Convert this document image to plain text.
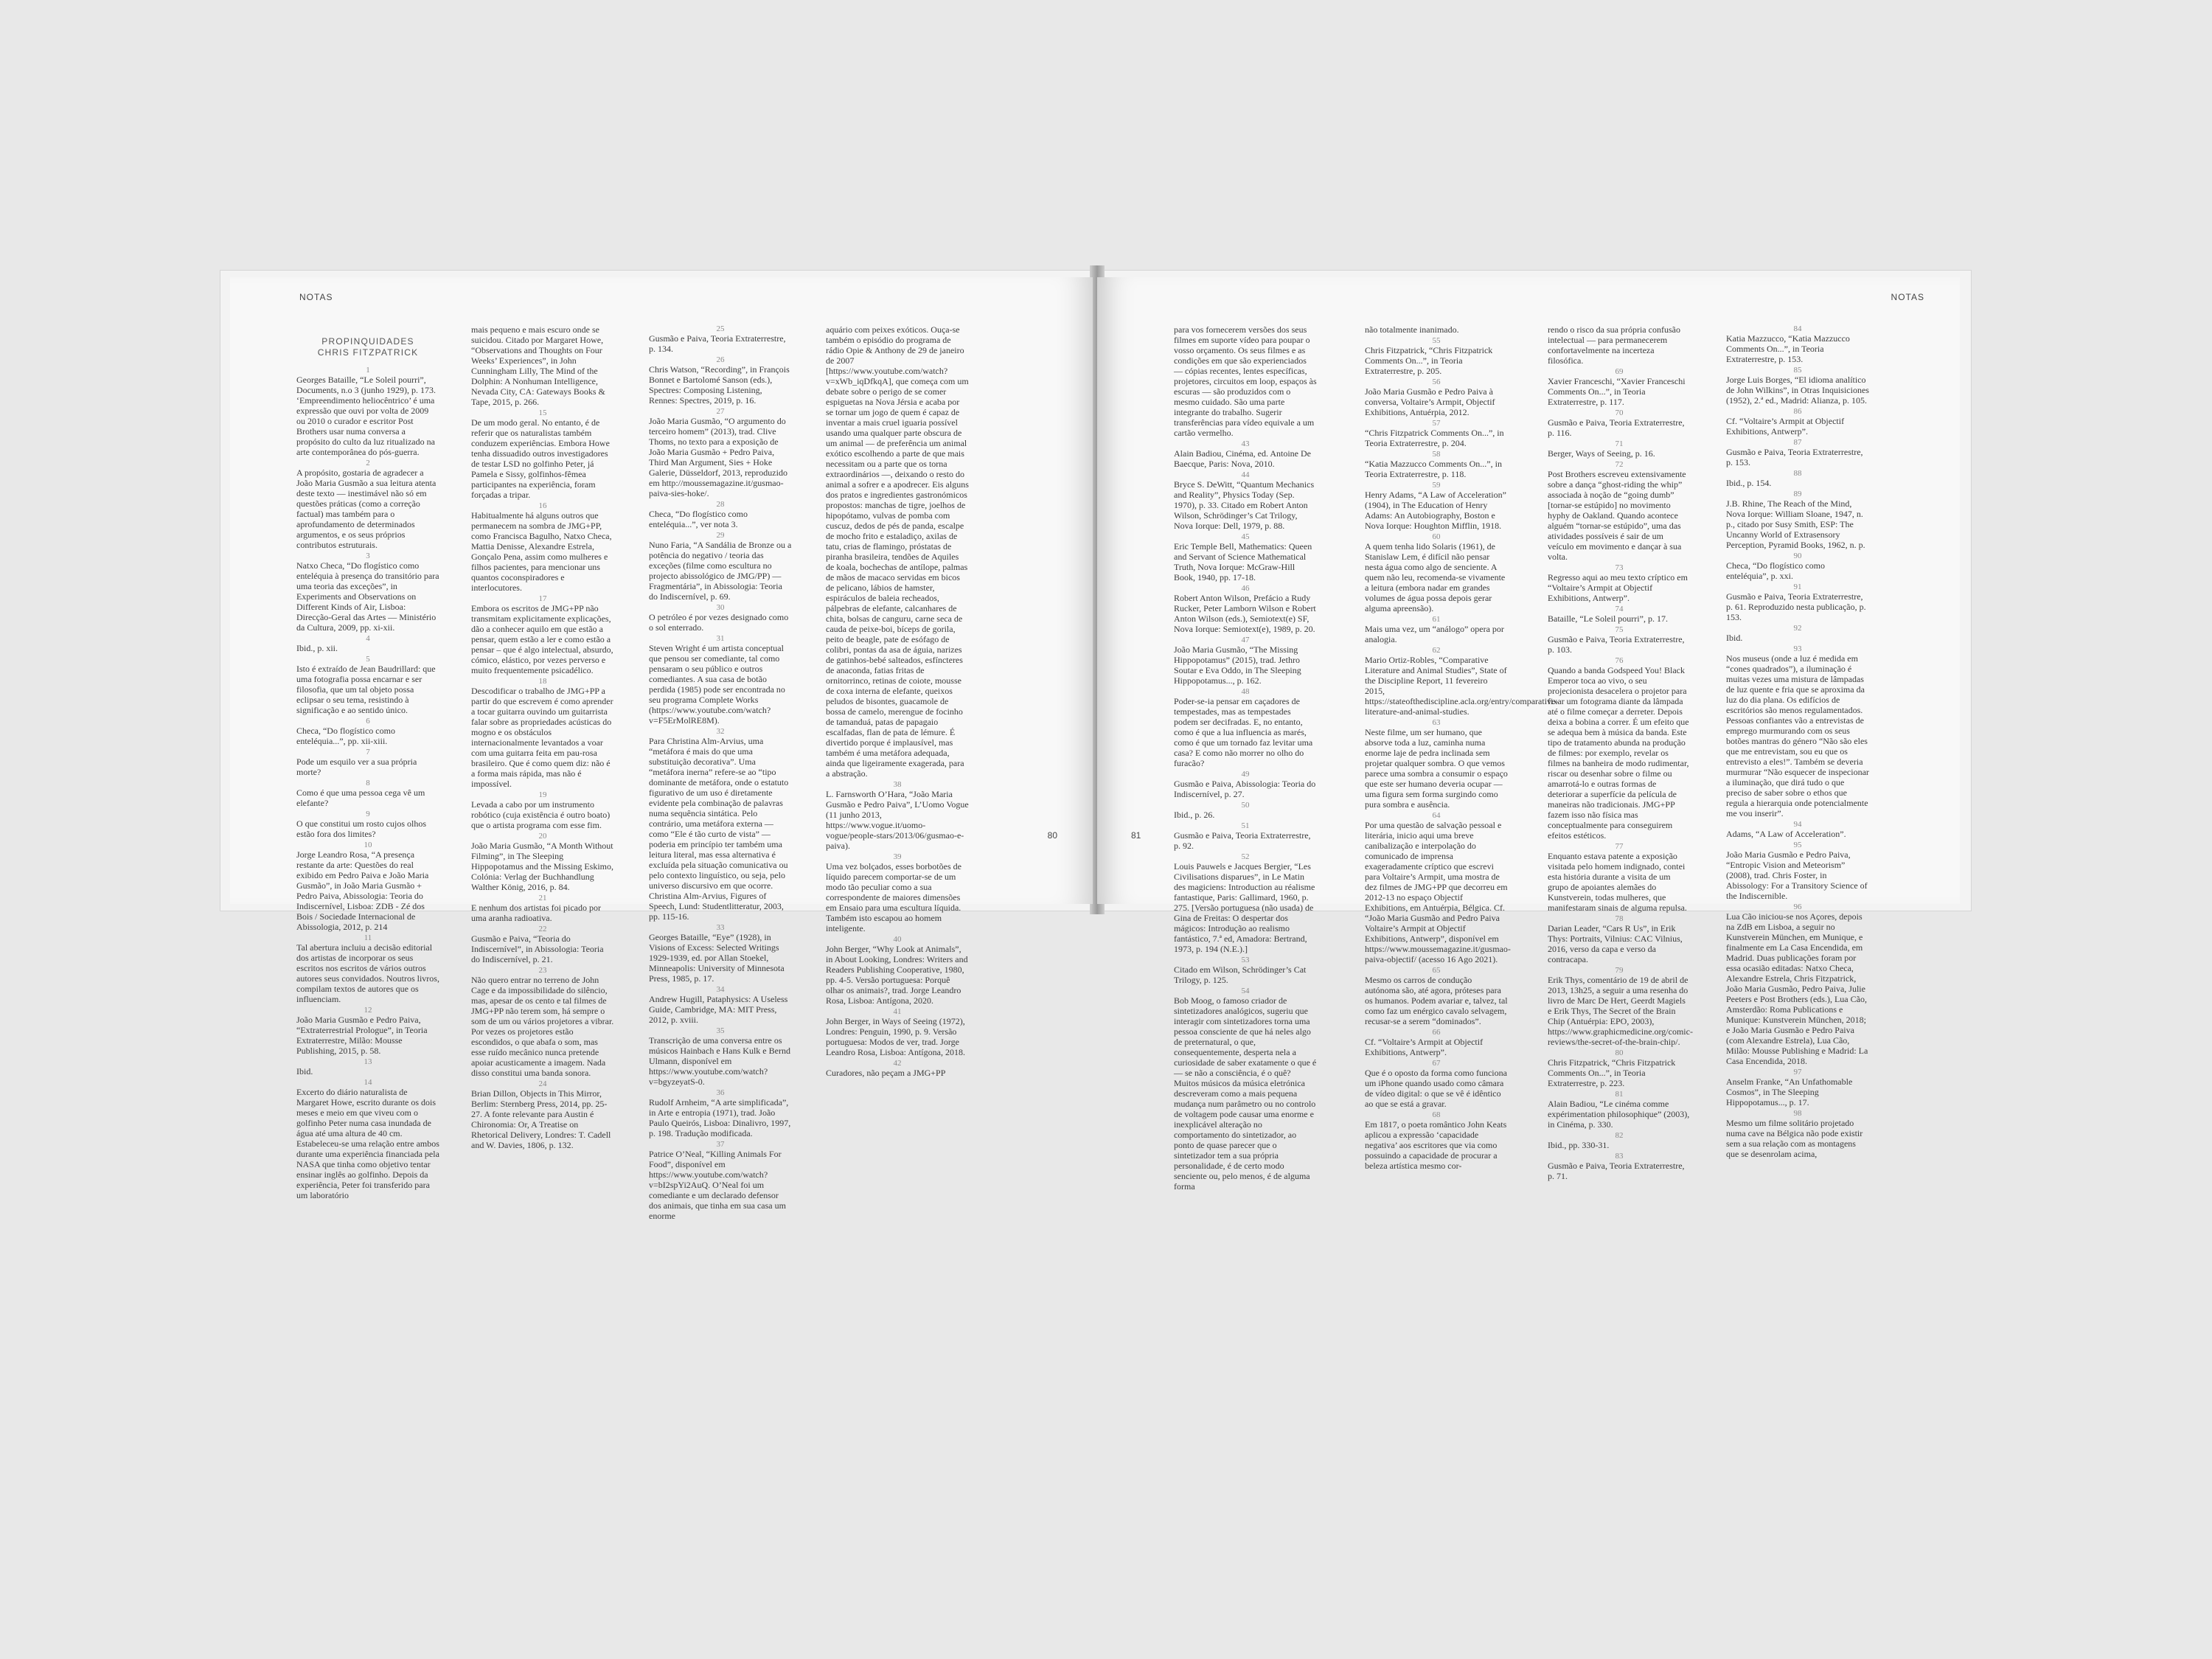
NOTAS
PROPINQUIDADES
CHRIS FITZPATRICK
1

Georges Bataille, “Le Soleil pourri”, Documents, n.o 3 (junho 1929), p. 173. ‘Empreendimento heliocêntrico’ é uma expressão que ouvi por volta de 2009 ou 2010 o curador e escritor Post Brothers usar numa conversa a propósito do culto da luz ritualizado na arte contemporânea do pós-guerra.

2

A propósito, gostaria de agradecer a João Maria Gusmão a sua leitura atenta deste texto — inestimável não só em questões práticas (como a correção factual) mas também para o aprofundamento de determinados argumentos, e os seus próprios contributos estruturais.

3

Natxo Checa, “Do flogístico como enteléquia à presença do transitório para uma teoria das exceções”, in Experiments and Observations on Different Kinds of Air, Lisboa: Direcção-Geral das Artes — Ministério da Cultura, 2009, pp. xi-xii.

4

Ibid., p. xii.

5

Isto é extraído de Jean Baudrillard: que uma fotografia possa encarnar e ser filosofia, que um tal objeto possa eclipsar o seu tema, resistindo à significação e ao sentido único.

6

Checa, “Do flogístico como enteléquia...”, pp. xii-xiii.

7

Pode um esquilo ver a sua própria morte?

8

Como é que uma pessoa cega vê um elefante?

9

O que constitui um rosto cujos olhos estão fora dos limites?

10

Jorge Leandro Rosa, “A presença restante da arte: Questões do real exibido em Pedro Paiva e João Maria Gusmão”, in João Maria Gusmão + Pedro Paiva, Abissologia: Teoria do Indiscernível, Lisboa: ZDB - Zé dos Bois / Sociedade Internacional de Abissologia, 2012, p. 214

11

Tal abertura incluiu a decisão editorial dos artistas de incorporar os seus escritos nos escritos de vários outros autores seus convidados. Noutros livros, compilam textos de autores que os influenciam.

12

João Maria Gusmão e Pedro Paiva, “Extraterrestrial Prologue”, in Teoria Extraterrestre, Milão: Mousse Publishing, 2015, p. 58.

13

Ibid.

14

Excerto do diário naturalista de Margaret Howe, escrito durante os dois meses e meio em que viveu com o golfinho Peter numa casa inundada de água até uma altura de 40 cm. Estabeleceu-se uma relação entre ambos durante uma experiência financiada pela NASA que tinha como objetivo tentar ensinar inglês ao golfinho. Depois da experiência, Peter foi transferido para um laboratório

mais pequeno e mais escuro onde se suicidou. Citado por Margaret Howe, “Observations and Thoughts on Four Weeks’ Experiences”, in John Cunningham Lilly, The Mind of the Dolphin: A Nonhuman Intelligence, Nevada City, CA: Gateways Books & Tape, 2015, p. 266.

15

De um modo geral. No entanto, é de referir que os naturalistas também conduzem experiências. Embora Howe tenha dissuadido outros investigadores de testar LSD no golfinho Peter, já Pamela e Sissy, golfinhos-fêmea participantes na experiência, foram forçadas a tripar.

16

Habitualmente há alguns outros que permanecem na sombra de JMG+PP, como Francisca Bagulho, Natxo Checa, Mattia Denisse, Alexandre Estrela, Gonçalo Pena, assim como mulheres e filhos pacientes, para mencionar uns quantos coconspiradores e interlocutores.

17

Embora os escritos de JMG+PP não transmitam explicitamente explicações, dão a conhecer aquilo em que estão a pensar, quem estão a ler e como estão a pensar – que é algo intelectual, absurdo, cómico, elástico, por vezes perverso e muito frequentemente psicadélico.

18

Descodificar o trabalho de JMG+PP a partir do que escrevem é como aprender a tocar guitarra ouvindo um guitarrista falar sobre as propriedades acústicas do mogno e os obstáculos internacionalmente levantados a voar com uma guitarra feita em pau-rosa brasileiro. Que é como quem diz: não é a forma mais rápida, mas não é impossível.

19

Levada a cabo por um instrumento robótico (cuja existência é outro boato) que o artista programa com esse fim.

20

João Maria Gusmão, “A Month Without Filming”, in The Sleeping Hippopotamus and the Missing Eskimo, Colónia: Verlag der Buchhandlung Walther König, 2016, p. 84.

21

E nenhum dos artistas foi picado por uma aranha radioativa.

22

Gusmão e Paiva, “Teoria do Indiscernível”, in Abissologia: Teoria do Indiscernível, p. 21.

23

Não quero entrar no terreno de John Cage e da impossibilidade do silêncio, mas, apesar de os cento e tal filmes de JMG+PP não terem som, há sempre o som de um ou vários projetores a vibrar. Por vezes os projetores estão escondidos, o que abafa o som, mas esse ruído mecânico nunca pretende apoiar acusticamente a imagem. Nada disso constitui uma banda sonora.

24

Brian Dillon, Objects in This Mirror, Berlim: Sternberg Press, 2014, pp. 25-27. A fonte relevante para Austin é Chironomia: Or, A Treatise on Rhetorical Delivery, Londres: T. Cadell and W. Davies, 1806, p. 132.

25

Gusmão e Paiva, Teoria Extraterrestre, p. 134.

26

Chris Watson, “Recording”, in François Bonnet e Bartolomé Sanson (eds.), Spectres: Composing Listening, Rennes: Spectres, 2019, p. 16.

27

João Maria Gusmão, “O argumento do terceiro homem” (2013), trad. Clive Thoms, no texto para a exposição de João Maria Gusmão + Pedro Paiva, Third Man Argument, Sies + Hoke Galerie, Düsseldorf, 2013, reproduzido em http://moussemagazine.it/gusmao-paiva-sies-hoke/.

28

Checa, “Do flogístico como enteléquia...”, ver nota 3.

29

Nuno Faria, “A Sandália de Bronze ou a potência do negativo / teoria das exceções (filme como escultura no projecto abissológico de JMG/PP) — Fragmentária”, in Abissologia: Teoria do Indiscernível, p. 69.

30

O petróleo é por vezes designado como o sol enterrado.

31

Steven Wright é um artista conceptual que pensou ser comediante, tal como pensaram o seu público e outros comediantes. A sua casa de botão perdida (1985) pode ser encontrada no seu programa Complete Works (https://www.youtube.com/watch?v=F5ErMolRE8M).

32

Para Christina Alm-Arvius, uma “metáfora é mais do que uma substituição decorativa”. Uma “metáfora inerna” refere-se ao “tipo dominante de metáfora, onde o estatuto figurativo de um uso é diretamente evidente pela combinação de palavras numa sequência sintática. Pelo contrário, uma metáfora externa — como “Ele é tão curto de vista” — poderia em princípio ter também uma leitura literal, mas essa alternativa é excluída pela situação comunicativa ou pelo contexto linguístico, ou seja, pelo universo discursivo em que ocorre. Christina Alm-Arvius, Figures of Speech, Lund: Studentlitteratur, 2003, pp. 115-16.

33

Georges Bataille, “Eye” (1928), in Visions of Excess: Selected Writings 1929-1939, ed. por Allan Stoekel, Minneapolis: University of Minnesota Press, 1985, p. 17.

34

Andrew Hugill, Pataphysics: A Useless Guide, Cambridge, MA: MIT Press, 2012, p. xviii.

35

Transcrição de uma conversa entre os músicos Hainbach e Hans Kulk e Bernd Ulmann, disponível em https://www.youtube.com/watch?v=bgyzeyatS-0.

36

Rudolf Arnheim, “A arte simplificada”, in Arte e entropia (1971), trad. João Paulo Queirós, Lisboa: Dinalivro, 1997, p. 198. Tradução modificada.

37

Patrice O’Neal, “Killing Animals For Food”, disponível em https://www.youtube.com/watch?v=bI2spYi2AuQ. O’Neal foi um comediante e um declarado defensor dos animais, que tinha em sua casa um enorme

aquário com peixes exóticos. Ouça-se também o episódio do programa de rádio Opie & Anthony de 29 de janeiro de 2007 [https://www.youtube.com/watch?v=xWb_iqDfkqA], que começa com um debate sobre o perigo de se comer espiguetas na Nova Jérsia e acaba por se tornar um jogo de quem é capaz de inventar a mais cruel iguaria possível usando uma qualquer parte obscura de um animal — de preferência um animal exótico escolhendo a parte de que mais necessitam ou a parte que os torna extraordinários —, deixando o resto do animal a sofrer e a apodrecer. Eis alguns dos pratos e ingredientes gastronómicos propostos: manchas de tigre, joelhos de hipopótamo, vulvas de pomba com cuscuz, dedos de pés de panda, escalpe de mocho frito e estaladiço, axilas de tatu, crias de flamingo, próstatas de piranha brasileira, tendões de Aquiles de koala, bochechas de antílope, palmas de mãos de macaco servidas em bicos de pelicano, lábios de hamster, espiráculos de baleia recheados, pálpebras de elefante, calcanhares de chita, bolsas de canguru, carne seca de cauda de peixe-boi, bíceps de gorila, peito de beagle, pate de esófago de colibri, pontas da asa de águia, narizes de gatinhos-bebé salteados, esfíncteres de anaconda, fatias fritas de ornitorrinco, retinas de coiote, mousse de coxa interna de elefante, queixos peludos de bisontes, guacamole de bossa de camelo, merengue de focinho de tamanduá, patas de papagaio escalfadas, flan de pata de lémure. É divertido porque é implausível, mas também é uma metáfora adequada, ainda que ligeiramente exagerada, para a abstração.

38

L. Farnsworth O’Hara, “João Maria Gusmão e Pedro Paiva”, L’Uomo Vogue (11 junho 2013, https://www.vogue.it/uomo-vogue/people-stars/2013/06/gusmao-e-paiva).

39

Uma vez bolçados, esses borbotões de líquido parecem comportar-se de um modo tão peculiar como a sua correspondente de maiores dimensões em Ensaio para uma escultura líquida. Também isto escapou ao homem inteligente.

40

John Berger, “Why Look at Animals”, in About Looking, Londres: Writers and Readers Publishing Cooperative, 1980, pp. 4-5. Versão portuguesa: Porquê olhar os animais?, trad. Jorge Leandro Rosa, Lisboa: Antígona, 2020.

41

John Berger, in Ways of Seeing (1972), Londres: Penguin, 1990, p. 9. Versão portuguesa: Modos de ver, trad. Jorge Leandro Rosa, Lisboa: Antígona, 2018.

42

Curadores, não peçam a JMG+PP

80
NOTAS

para vos fornecerem versões dos seus filmes em suporte vídeo para poupar o vosso orçamento. Os seus filmes e as condições em que são experienciados — cópias recentes, lentes específicas, projetores, circuitos em loop, espaços às escuras — são produzidos com o mesmo cuidado. São uma parte integrante do trabalho. Sugerir transferências para vídeo equivale a um cartão vermelho.

43

Alain Badiou, Cinéma, ed. Antoine De Baecque, Paris: Nova, 2010.

44

Bryce S. DeWitt, “Quantum Mechanics and Reality”, Physics Today (Sep. 1970), p. 33. Citado em Robert Anton Wilson, Schrödinger’s Cat Trilogy, Nova Iorque: Dell, 1979, p. 88.

45

Eric Temple Bell, Mathematics: Queen and Servant of Science Mathematical Truth, Nova Iorque: McGraw-Hill Book, 1940, pp. 17-18.

46

Robert Anton Wilson, Prefácio a Rudy Rucker, Peter Lamborn Wilson e Robert Anton Wilson (eds.), Semiotext(e) SF, Nova Iorque: Semiotext(e), 1989, p. 20.

47

João Maria Gusmão, “The Missing Hippopotamus” (2015), trad. Jethro Soutar e Eva Oddo, in The Sleeping Hippopotamus..., p. 162.

48

Poder-se-ia pensar em caçadores de tempestades, mas as tempestades podem ser decifradas. E, no entanto, como é que a lua influencia as marés, como é que um tornado faz levitar uma casa? E como não morrer no olho do furacão?

49

Gusmão e Paiva, Abissologia: Teoria do Indiscernível, p. 27.

50

Ibid., p. 26.

51

Gusmão e Paiva, Teoria Extraterrestre, p. 92.

52

Louis Pauwels e Jacques Bergier, “Les Civilisations disparues”, in Le Matin des magiciens: Introduction au réalisme fantastique, Paris: Gallimard, 1960, p. 275. [Versão portuguesa (não usada) de Gina de Freitas: O despertar dos mágicos: Introdução ao realismo fantástico, 7.ª ed, Amadora: Bertrand, 1973, p. 194 (N.E.).]

53

Citado em Wilson, Schrödinger’s Cat Trilogy, p. 125.

54

Bob Moog, o famoso criador de sintetizadores analógicos, sugeriu que interagir com sintetizadores torna uma pessoa consciente de que há neles algo de preternatural, o que, consequentemente, desperta nela a curiosidade de saber exatamente o que é — se não a consciência, é o quê? Muitos músicos da música eletrónica descreveram como a mais pequena mudança num parâmetro ou no controlo de voltagem pode causar uma enorme e inexplicável alteração no comportamento do sintetizador, ao ponto de quase parecer que o sintetizador tem a sua própria personalidade, é de certo modo senciente ou, pelo menos, é de alguma forma

não totalmente inanimado.

55

Chris Fitzpatrick, “Chris Fitzpatrick Comments On...”, in Teoria Extraterrestre, p. 205.

56

João Maria Gusmão e Pedro Paiva à conversa, Voltaire’s Armpit, Objectif Exhibitions, Antuérpia, 2012.

57

“Chris Fitzpatrick Comments On...”, in Teoria Extraterrestre, p. 204.

58

“Katia Mazzucco Comments On...”, in Teoria Extraterrestre, p. 118.

59

Henry Adams, “A Law of Acceleration” (1904), in The Education of Henry Adams: An Autobiography, Boston e Nova Iorque: Houghton Mifflin, 1918.

60

A quem tenha lido Solaris (1961), de Stanislaw Lem, é difícil não pensar nesta água como algo de senciente. A quem não leu, recomenda-se vivamente a leitura (embora nadar em grandes volumes de água possa depois gerar alguma apreensão).

61

Mais uma vez, um “análogo” opera por analogia.

62

Mario Ortiz-Robles, “Comparative Literature and Animal Studies”, State of the Discipline Report, 11 fevereiro 2015, https://stateofthediscipline.acla.org/entry/comparative-literature-and-animal-studies.

63

Neste filme, um ser humano, que absorve toda a luz, caminha numa enorme laje de pedra inclinada sem projetar qualquer sombra. O que vemos parece uma sombra a consumir o espaço que este ser humano deveria ocupar — uma figura sem forma surgindo como pura sombra e ausência.

64

Por uma questão de salvação pessoal e literária, inicio aqui uma breve canibalização e interpolação do comunicado de imprensa exageradamente críptico que escrevi para Voltaire’s Armpit, uma mostra de dez filmes de JMG+PP que decorreu em 2012-13 no espaço Objectif Exhibitions, em Antuérpia, Bélgica. Cf. “João Maria Gusmão and Pedro Paiva Voltaire’s Armpit at Objectif Exhibitions, Antwerp”, disponível em https://www.moussemagazine.it/gusmao-paiva-objectif/ (acesso 16 Ago 2021).

65

Mesmo os carros de condução autónoma são, até agora, próteses para os humanos. Podem avariar e, talvez, tal como faz um enérgico cavalo selvagem, recusar-se a serem “dominados”.

66

Cf. “Voltaire’s Armpit at Objectif Exhibitions, Antwerp”.

67

Que é o oposto da forma como funciona um iPhone quando usado como câmara de vídeo digital: o que se vê é idêntico ao que se está a gravar.

68

Em 1817, o poeta romântico John Keats aplicou a expressão ‘capacidade negativa’ aos escritores que via como possuindo a capacidade de procurar a beleza artística mesmo cor-

rendo o risco da sua própria confusão intelectual — para permanecerem confortavelmente na incerteza filosófica.

69

Xavier Franceschi, “Xavier Franceschi Comments On...”, in Teoria Extraterrestre, p. 117.

70

Gusmão e Paiva, Teoria Extraterrestre, p. 116.

71

Berger, Ways of Seeing, p. 16.

72

Post Brothers escreveu extensivamente sobre a dança “ghost-riding the whip” associada à noção de “going dumb” [tornar-se estúpido] no movimento hyphy de Oakland. Quando acontece alguém “tornar-se estúpido”, uma das atividades possíveis é sair de um veículo em movimento e dançar à sua volta.

73

Regresso aqui ao meu texto críptico em “Voltaire’s Armpit at Objectif Exhibitions, Antwerp”.

74

Bataille, “Le Soleil pourri”, p. 17.

75

Gusmão e Paiva, Teoria Extraterrestre, p. 103.

76

Quando a banda Godspeed You! Black Emperor toca ao vivo, o seu projecionista desacelera o projetor para fixar um fotograma diante da lâmpada até o filme começar a derreter. Depois deixa a bobina a correr. É um efeito que se adequa bem à música da banda. Este tipo de tratamento abunda na produção de filmes: por exemplo, revelar os filmes na banheira de modo rudimentar, riscar ou desenhar sobre o filme ou amarrotá-lo e outras formas de deteriorar a superfície da película de maneiras não tradicionais. JMG+PP fazem isso não física mas conceptualmente para conseguirem efeitos estéticos.

77

Enquanto estava patente a exposição visitada pelo homem indignado, contei esta história durante a visita de um grupo de apoiantes alemães do Kunstverein, todas mulheres, que manifestaram sinais de alguma repulsa.

78

Darian Leader, “Cars R Us”, in Erik Thys: Portraits, Vilnius: CAC Vilnius, 2016, verso da capa e verso da contracapa.

79

Erik Thys, comentário de 19 de abril de 2013, 13h25, a seguir a uma resenha do livro de Marc De Hert, Geerdt Magiels e Erik Thys, The Secret of the Brain Chip (Antuérpia: EPO, 2003), https://www.graphicmedicine.org/comic-reviews/the-secret-of-the-brain-chip/.

80

Chris Fitzpatrick, “Chris Fitzpatrick Comments On...”, in Teoria Extraterrestre, p. 223.

81

Alain Badiou, “Le cinéma comme expérimentation philosophique” (2003), in Cinéma, p. 330.

82

Ibid., pp. 330-31.

83

Gusmão e Paiva, Teoria Extraterrestre, p. 71.

84

Katia Mazzucco, “Katia Mazzucco Comments On...”, in Teoria Extraterrestre, p. 153.

85

Jorge Luis Borges, “El idioma analítico de John Wilkins”, in Otras Inquisiciones (1952), 2.ª ed., Madrid: Alianza, p. 105.

86

Cf. “Voltaire’s Armpit at Objectif Exhibitions, Antwerp”.

87

Gusmão e Paiva, Teoria Extraterrestre, p. 153.

88

Ibid., p. 154.

89

J.B. Rhine, The Reach of the Mind, Nova Iorque: William Sloane, 1947, n. p., citado por Susy Smith, ESP: The Uncanny World of Extrasensory Perception, Pyramid Books, 1962, n. p.

90

Checa, “Do flogístico como enteléquia”, p. xxi.

91

Gusmão e Paiva, Teoria Extraterrestre, p. 61. Reproduzido nesta publicação, p. 153.

92

Ibid.

93

Nos museus (onde a luz é medida em “cones quadrados”), a iluminação é muitas vezes uma mistura de lâmpadas de luz quente e fria que se aproxima da luz do dia plana. Os edifícios de escritórios são menos regulamentados. Pessoas confiantes vão a entrevistas de emprego murmurando com os seus botões mantras do género “Não são eles que me entrevistam, sou eu que os entrevisto a eles!”. Também se deveria murmurar “Não esquecer de inspecionar a iluminação, que dirá tudo o que preciso de saber sobre o ethos que regula a hierarquia onde potencialmente me vou inserir”.

94

Adams, “A Law of Acceleration”.

95

João Maria Gusmão e Pedro Paiva, “Entropic Vision and Meteorism” (2008), trad. Chris Foster, in Abissology: For a Transitory Science of the Indiscernible.

96

Lua Cão iniciou-se nos Açores, depois na ZdB em Lisboa, a seguir no Kunstverein München, em Munique, e finalmente em La Casa Encendida, em Madrid. Duas publicações foram por essa ocasião editadas: Natxo Checa, Alexandre Estrela, Chris Fitzpatrick, João Maria Gusmão, Pedro Paiva, Julie Peeters e Post Brothers (eds.), Lua Cão, Amsterdão: Roma Publications e Munique: Kunstverein München, 2018; e João Maria Gusmão e Pedro Paiva (com Alexandre Estrela), Lua Cão, Milão: Mousse Publishing e Madrid: La Casa Encendida, 2018.

97

Anselm Franke, “An Unfathomable Cosmos”, in The Sleeping Hippopotamus..., p. 17.

98

Mesmo um filme solitário projetado numa cave na Bélgica não pode existir sem a sua relação com as montagens que se desenrolam acima,

81
